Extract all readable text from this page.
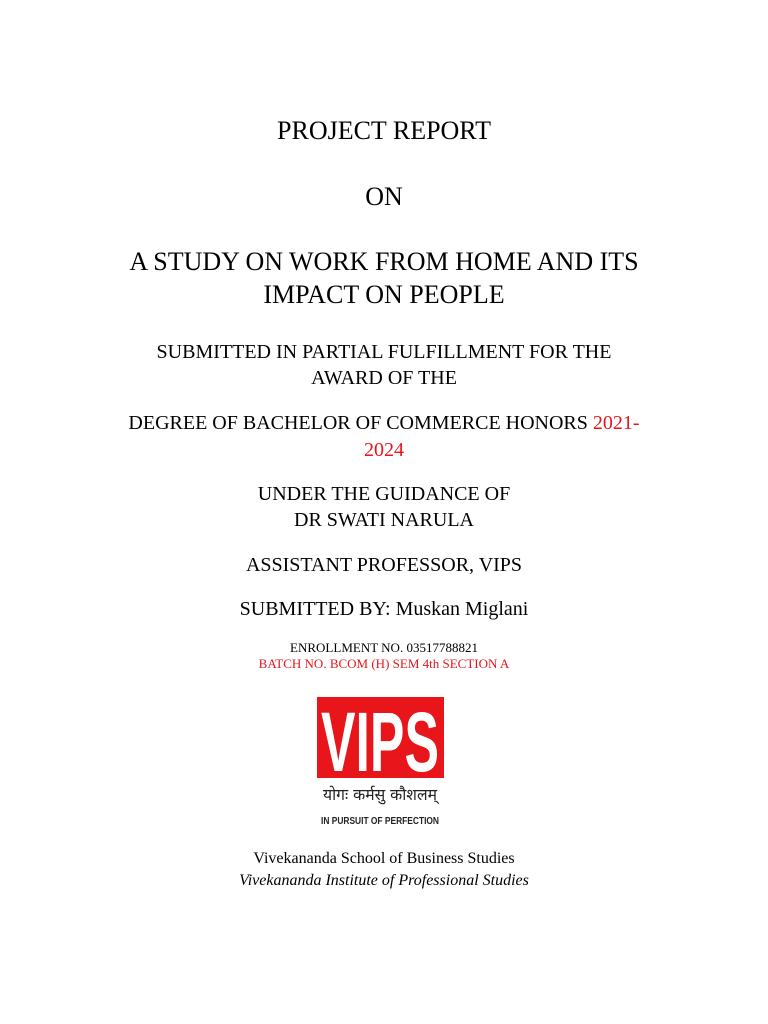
PROJECT REPORT
ON
A STUDY ON WORK FROM HOME AND ITS
IMPACT ON PEOPLE
SUBMITTED IN PARTIAL FULFILLMENT FOR THE
AWARD OF THE
DEGREE OF BACHELOR OF COMMERCE HONORS 2021-
2024
UNDER THE GUIDANCE OF
DR SWATI NARULA
ASSISTANT PROFESSOR, VIPS
SUBMITTED BY: Muskan Miglani
ENROLLMENT NO. 03517788821
BATCH NO. BCOM (H) SEM 4th SECTION A
VIPS
योगः कर्मसु कौशलम्
IN PURSUIT OF PERFECTION
Vivekananda School of Business Studies
Vivekananda Institute of Professional Studies
